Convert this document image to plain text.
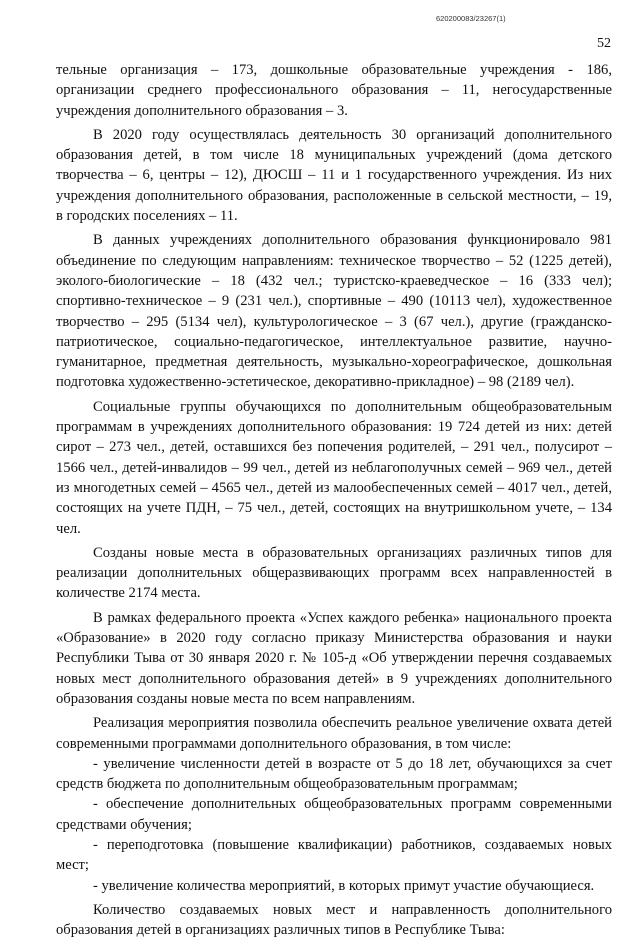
620200083/23267(1)
52

тельные организация – 173, дошкольные образовательные учреждения - 186, организации среднего профессионального образования – 11, негосударственные учреждения дополнительного образования – 3.

В 2020 году осуществлялась деятельность 30 организаций дополнительного образования детей, в том числе 18 муниципальных учреждений (дома детского творчества – 6, центры – 12), ДЮСШ – 11 и 1 государственного учреждения. Из них учреждения дополнительного образования, расположенные в сельской местности, – 19, в городских поселениях – 11.

В данных учреждениях дополнительного образования функционировало 981 объединение по следующим направлениям: техническое творчество – 52 (1225 детей), эколого-биологические – 18 (432 чел.; туристско-краеведческое – 16 (333 чел); спортивно-техническое – 9 (231 чел.), спортивные – 490 (10113 чел), художественное творчество – 295 (5134 чел), культурологическое – 3 (67 чел.), другие (гражданско-патриотическое, социально-педагогическое, интеллектуальное развитие, научно-гуманитарное, предметная деятельность, музыкально-хореографическое, дошкольная подготовка художественно-эстетическое, декоративно-прикладное) – 98 (2189 чел).

Социальные группы обучающихся по дополнительным общеобразовательным программам в учреждениях дополнительного образования: 19 724 детей из них: детей сирот – 273 чел., детей, оставшихся без попечения родителей, – 291 чел., полусирот – 1566 чел., детей-инвалидов – 99 чел., детей из неблагополучных семей – 969 чел., детей из многодетных семей – 4565 чел., детей из малообеспеченных семей – 4017 чел., детей, состоящих на учете ПДН, – 75 чел., детей, состоящих на внутришкольном учете, – 134 чел.

Созданы новые места в образовательных организациях различных типов для реализации дополнительных общеразвивающих программ всех направленностей в количестве 2174 места.

В рамках федерального проекта «Успех каждого ребенка» национального проекта «Образование» в 2020 году согласно приказу Министерства образования и науки Республики Тыва от 30 января 2020 г. № 105-д «Об утверждении перечня создаваемых новых мест дополнительного образования детей» в 9 учреждениях дополнительного образования созданы новые места по всем направлениям.

Реализация мероприятия позволила обеспечить реальное увеличение охвата детей современными программами дополнительного образования, в том числе:

- увеличение численности детей в возрасте от 5 до 18 лет, обучающихся за счет средств бюджета по дополнительным общеобразовательным программам;

- обеспечение дополнительных общеобразовательных программ современными средствами обучения;

- переподготовка (повышение квалификации) работников, создаваемых новых мест;

- увеличение количества мероприятий, в которых примут участие обучающиеся.

Количество создаваемых новых мест и направленность дополнительного образования детей в организациях различных типов в Республике Тыва:
